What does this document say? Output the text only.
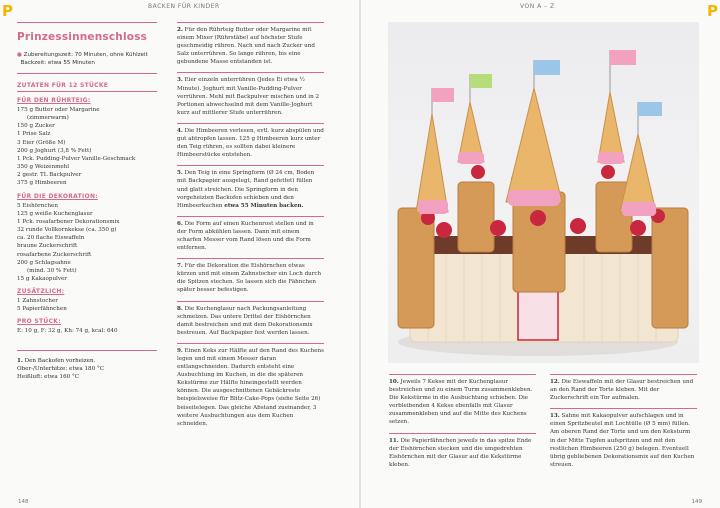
P	P
BACKEN FÜR KINDER	VON A – Z
148	149
Prinzessinnenschloss
● Zubereitungszeit: 70 Minuten, ohne Kühlzeit
Backzeit: etwa 55 Minuten
ZUTATEN FÜR 12 STÜCKE
FÜR DEN RÜHRTEIG:
175 g Butter oder Margarine
(zimmerwarm)
150 g Zucker
1 Prise Salz
3 Eier (Größe M)
200 g Joghurt (3,8 % Fett)
1 Pck. Pudding-Pulver Vanille-Geschmack
350 g Weizenmehl
2 gestr. TL Backpulver
375 g Himbeeren
FÜR DIE DEKORATION:
5 Eishörnchen
125 g weiße Kuchenglasur
1 Pck. rosafarbener Dekorationsmix
32 runde Vollkornkekse (ca. 350 g)
ca. 20 flache Eiswaffeln
braune Zuckerschrift
rosafarbene Zuckerschrift
200 g Schlagsahne
(mind. 30 % Fett)
15 g Kakaopulver
ZUSÄTZLICH:
1 Zahnstocher
5 Papierfähnchen
PRO STÜCK:
E: 10 g, F: 32 g, Kh: 74 g, kcal: 640
1. Den Backofen vorheizen.
Ober-/Unterhitze: etwa 180 °C
Heißluft: etwa 160 °C
2. Für den Rührteig Butter oder Margarine mit einem Mixer (Rührstäbe) auf höchster Stufe geschmeidig rühren. Nach und nach Zucker und Salz unterrühren. So lange rühren, bis eine gebundene Masse entstanden ist.
3. Eier einzeln unterrühren (Jedes Ei etwa ½ Minute). Joghurt mit Vanille-Pudding-Pulver verrühren. Mehl mit Backpulver mischen und in 2 Portionen abwechselnd mit dem Vanille-Joghurt kurz auf mittlerer Stufe unterrühren.
4. Die Himbeeren verlesen, evtl. kurz abspülen und gut abtropfen lassen. 125 g Himbeeren kurz unter den Teig rühren, es sollten dabei kleinere Himbeerstücke entstehen.
5. Den Teig in eine Springform (Ø 24 cm, Boden mit Backpapier ausgelegt, Rand gefettet) füllen und glatt streichen. Die Springform in den vorgeheizten Backofen schieben und den Himbeerkuchen etwa 55 Minuten backen.
6. Die Form auf einen Kuchenrost stellen und in der Form abkühlen lassen. Dann mit einem scharfen Messer vom Rand lösen und die Form entfernen.
7. Für die Dekoration die Eishörnchen etwas kürzen und mit einem Zahnstocher ein Loch durch die Spitzen stechen. So lassen sich die Fähnchen später besser befestigen.
8. Die Kuchenglasur nach Packungsanleitung schmelzen. Das untere Drittel der Eishörnchen damit bestreichen und mit dem Dekorationsmix bestreuen. Auf Backpapier fest werden lassen.
9. Einen Keks zur Hälfte auf den Rand des Kuchens legen und mit einem Messer daran entlangschneiden. Dadurch entsteht eine Ausbuchtung im Kuchen, in die die späteren Kekstürme zur Hälfte hineingestellt werden können. Die ausgeschnittenen Gebäckreste beispielsweise für Blitz-Cake-Pops (siehe Seite 26) beiseitelegen. Das gleiche Abstand zueinander, 3 weitere Ausbuchtungen aus dem Kuchen schneiden.
10. Jeweils 7 Kekse mit der Kuchenglasur bestreichen und zu einem Turm zusammenkleben. Die Kekstürme in die Ausbuchtung schieben. Die verbleibenden 4 Kekse ebenfalls mit Glasur zusammenkleben und auf die Mitte des Kuchens setzen.
11. Die Papierfähnchen jeweils in das spitze Ende der Eishörnchen stecken und die umgedrehten Eishörnchen mit der Glasur auf die Kekstürme kleben.
12. Die Eiswaffeln mit der Glasur bestreichen und an den Rand der Torte kleben. Mit der Zuckerschrift ein Tor aufmalen.
13. Sahne mit Kakaopulver aufschlagen und in einen Spritzbeutel mit Lochtülle (Ø 5 mm) füllen. Am oberen Rand der Torte und um den Keksturm in der Mitte Tupfen aufspritzen und mit den restlichen Himbeeren (250 g) belegen. Eventuell übrig gebliebenen Dekorationsmix auf den Kuchen streuen.
